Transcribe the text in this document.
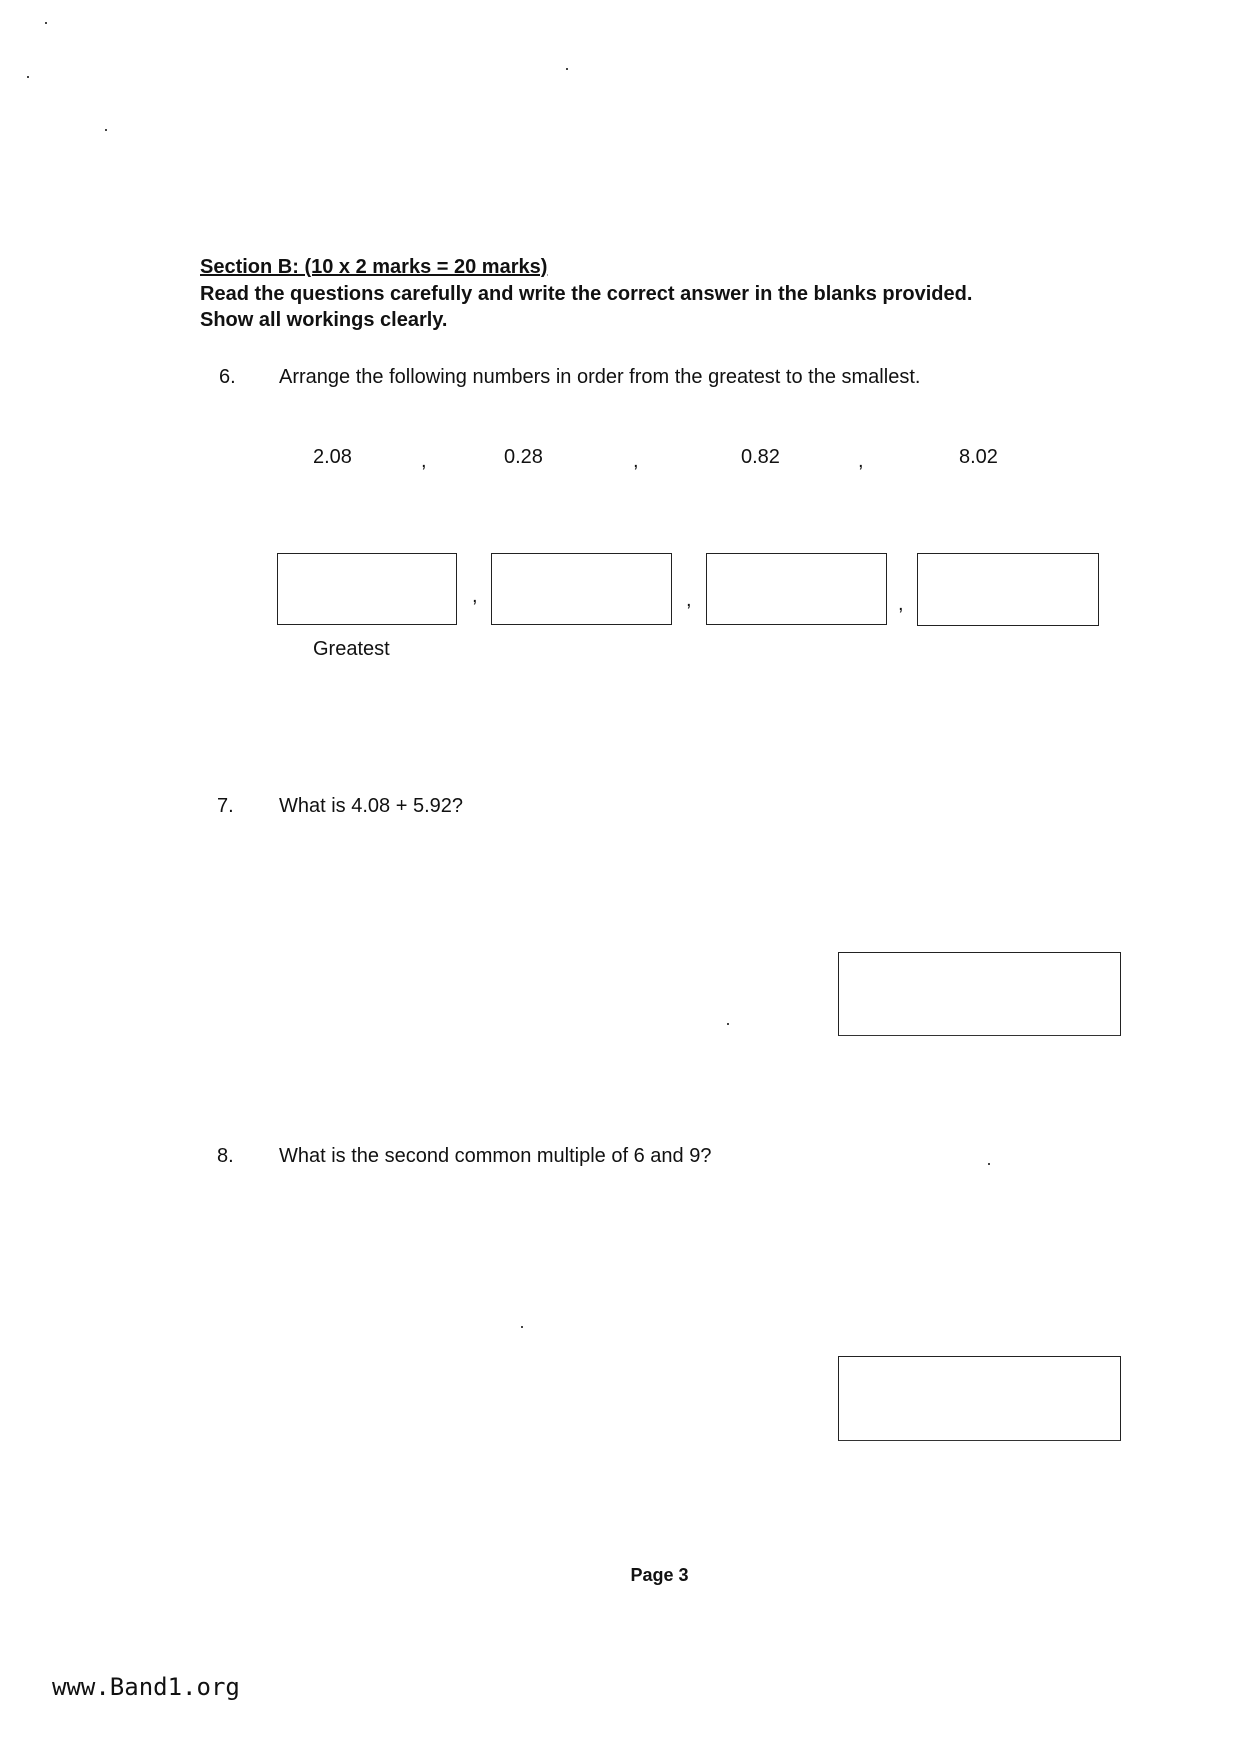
Section B: (10 x 2 marks = 20 marks)
Read the questions carefully and write the correct answer in the blanks provided.
Show all workings clearly.
6. Arrange the following numbers in order from the greatest to the smallest.
2.08	,	0.28	,	0.82	,	8.02
,	,	,
Greatest
7. What is 4.08 + 5.92?
8. What is the second common multiple of 6 and 9?
Page 3
www.Band1.org
